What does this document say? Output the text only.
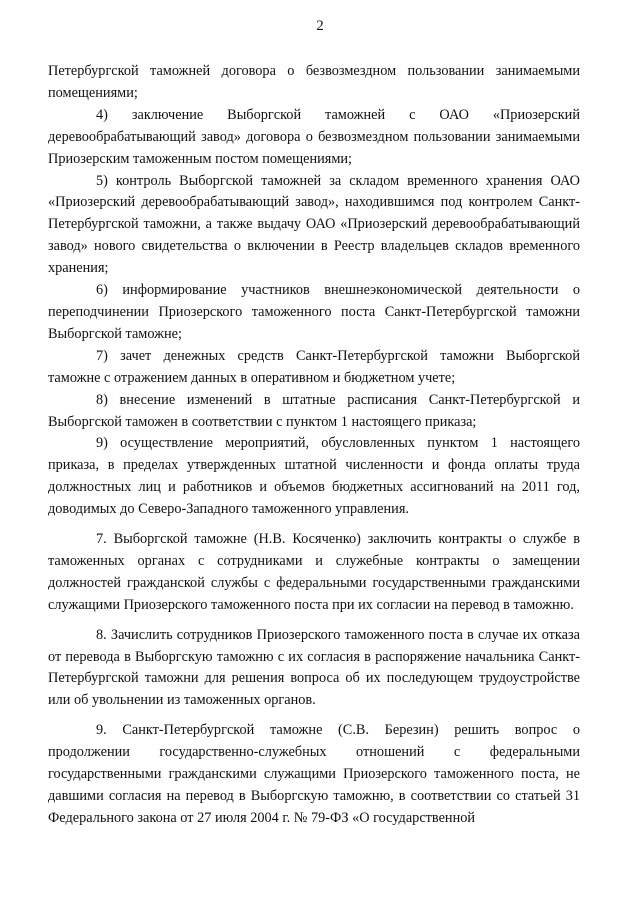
2

Петербургской таможней договора о безвозмездном пользовании занимаемыми помещениями;

4) заключение Выборгской таможней с ОАО «Приозерский деревообрабатывающий завод» договора о безвозмездном пользовании занимаемыми Приозерским таможенным постом помещениями;

5) контроль Выборгской таможней за складом временного хранения ОАО «Приозерский деревообрабатывающий завод», находившимся под контролем Санкт-Петербургской таможни, а также выдачу ОАО «Приозерский деревообрабатывающий завод» нового свидетельства о включении в Реестр владельцев складов временного хранения;

6) информирование участников внешнеэкономической деятельности о переподчинении Приозерского таможенного поста Санкт-Петербургской таможни Выборгской таможне;

7) зачет денежных средств Санкт-Петербургской таможни Выборгской таможне с отражением данных в оперативном и бюджетном учете;

8) внесение изменений в штатные расписания Санкт-Петербургской и Выборгской таможен в соответствии с пунктом 1 настоящего приказа;

9) осуществление мероприятий, обусловленных пунктом 1 настоящего приказа, в пределах утвержденных штатной численности и фонда оплаты труда должностных лиц и работников и объемов бюджетных ассигнований на 2011 год, доводимых до Северо-Западного таможенного управления.

7. Выборгской таможне (Н.В. Косяченко) заключить контракты о службе в таможенных органах с сотрудниками и служебные контракты о замещении должностей гражданской службы с федеральными государственными гражданскими служащими Приозерского таможенного поста при их согласии на перевод в таможню.

8. Зачислить сотрудников Приозерского таможенного поста в случае их отказа от перевода в Выборгскую таможню с их согласия в распоряжение начальника Санкт-Петербургской таможни для решения вопроса об их последующем трудоустройстве или об увольнении из таможенных органов.

9. Санкт-Петербургской таможне (С.В. Березин) решить вопрос о продолжении государственно-служебных отношений с федеральными государственными гражданскими служащими Приозерского таможенного поста, не давшими согласия на перевод в Выборгскую таможню, в соответствии со статьей 31 Федерального закона от 27 июля 2004 г. № 79-ФЗ «О государственной
